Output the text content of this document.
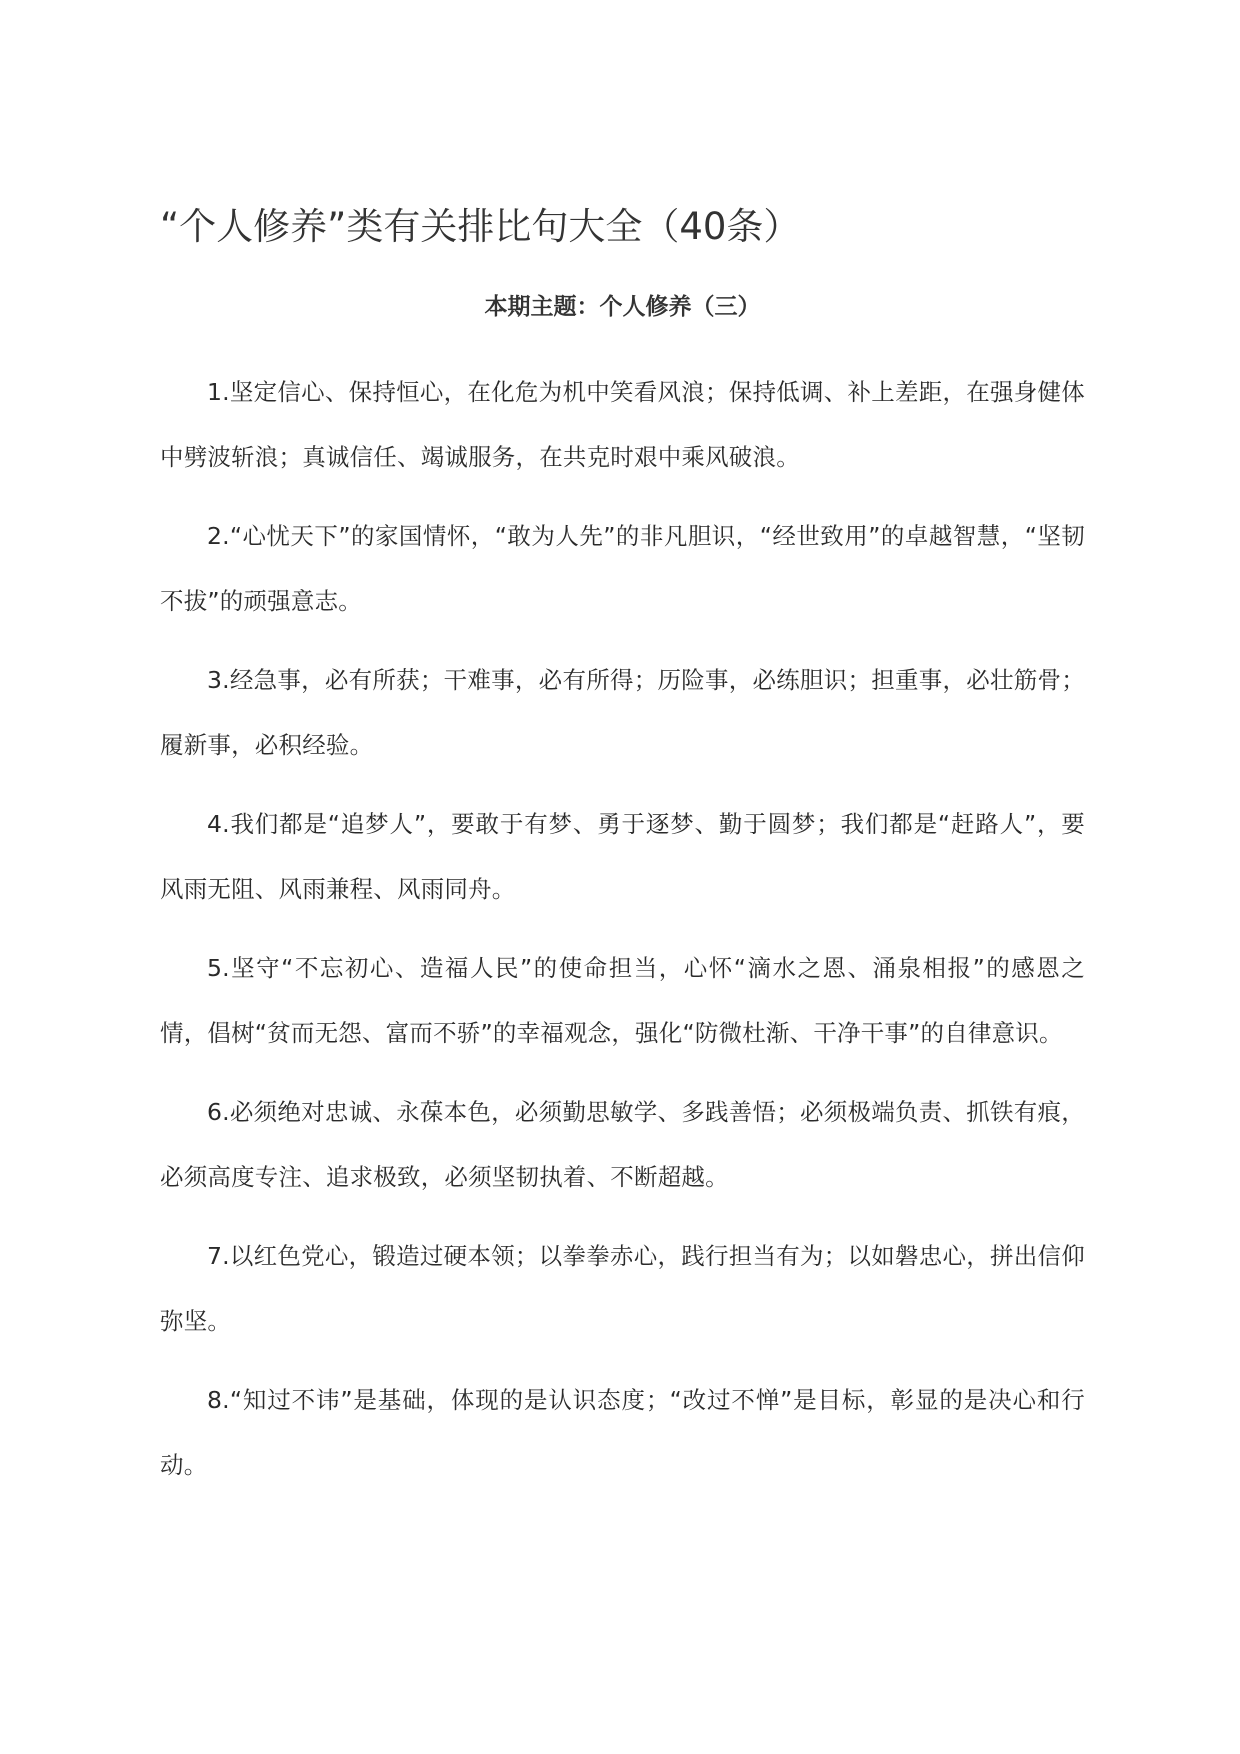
“个人修养”类有关排比句大全（40条）
本期主题：个人修养（三）

1.坚定信心、保持恒心，在化危为机中笑看风浪；保持低调、补上差距，在强身健体中劈波斩浪；真诚信任、竭诚服务，在共克时艰中乘风破浪。

2.“心忧天下”的家国情怀，“敢为人先”的非凡胆识，“经世致用”的卓越智慧，“坚韧不拔”的顽强意志。

3.经急事，必有所获；干难事，必有所得；历险事，必练胆识；担重事，必壮筋骨；履新事，必积经验。

4.我们都是“追梦人”，要敢于有梦、勇于逐梦、勤于圆梦；我们都是“赶路人”，要风雨无阻、风雨兼程、风雨同舟。

5.坚守“不忘初心、造福人民”的使命担当，心怀“滴水之恩、涌泉相报”的感恩之情，倡树“贫而无怨、富而不骄”的幸福观念，强化“防微杜渐、干净干事”的自律意识。

6.必须绝对忠诚、永葆本色，必须勤思敏学、多践善悟；必须极端负责、抓铁有痕，必须高度专注、追求极致，必须坚韧执着、不断超越。

7.以红色党心，锻造过硬本领；以拳拳赤心，践行担当有为；以如磐忠心，拼出信仰弥坚。

8.“知过不讳”是基础，体现的是认识态度；“改过不惮”是目标，彰显的是决心和行动。
